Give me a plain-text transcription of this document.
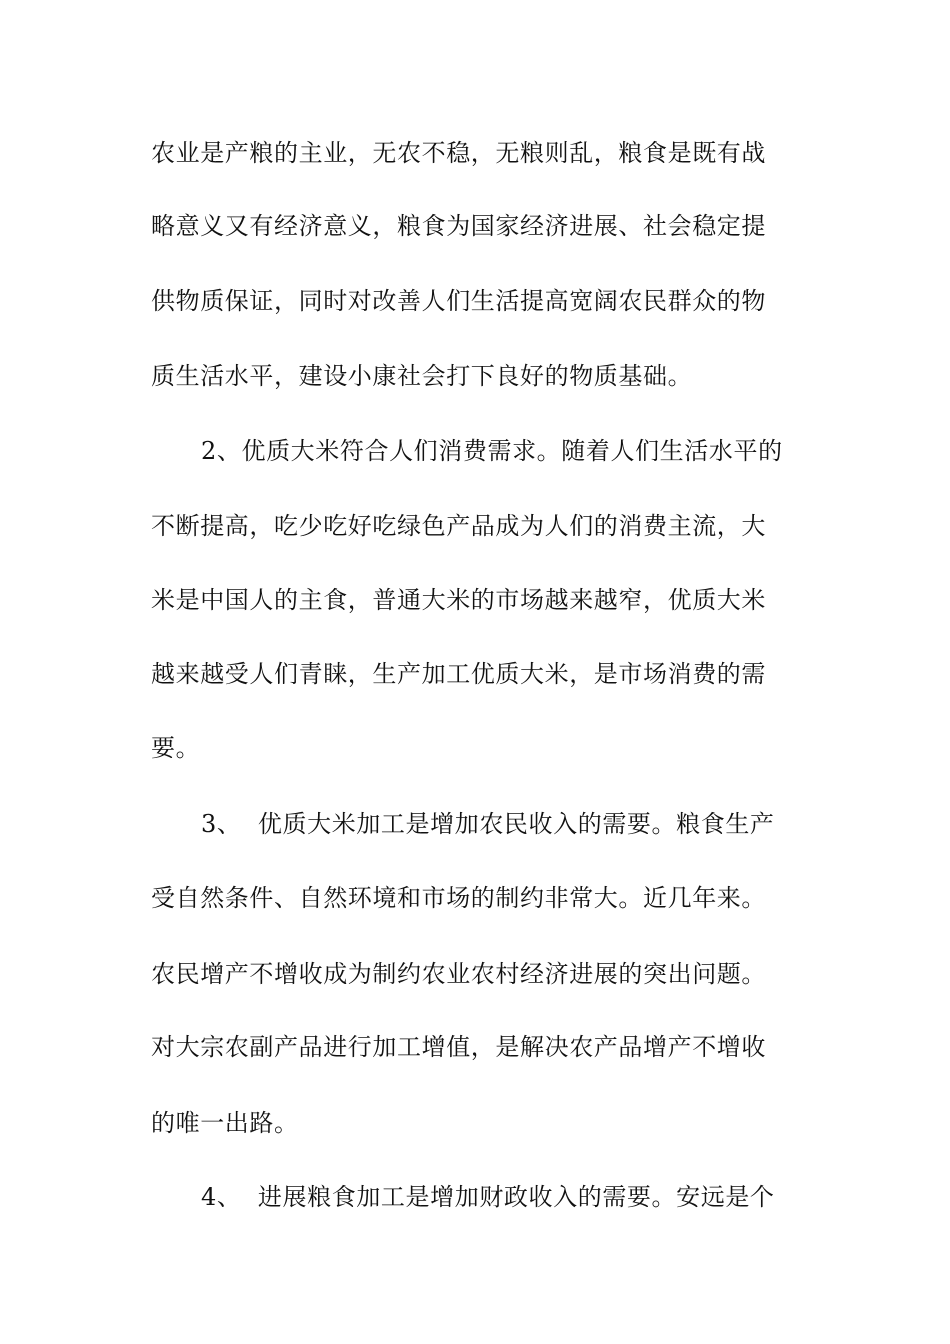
农业是产粮的主业，无农不稳，无粮则乱，粮食是既有战
略意义又有经济意义，粮食为国家经济进展、社会稳定提
供物质保证，同时对改善人们生活提高宽阔农民群众的物
质生活水平，建设小康社会打下良好的物质基础。
2、优质大米符合人们消费需求。随着人们生活水平的
不断提高，吃少吃好吃绿色产品成为人们的消费主流，大
米是中国人的主食，普通大米的市场越来越窄，优质大米
越来越受人们青睐，生产加工优质大米，是市场消费的需
要。
3、  优质大米加工是增加农民收入的需要。粮食生产
受自然条件、自然环境和市场的制约非常大。近几年来。
农民增产不增收成为制约农业农村经济进展的突出问题。
对大宗农副产品进行加工增值，是解决农产品增产不增收
的唯一出路。
4、  进展粮食加工是增加财政收入的需要。安远是个
